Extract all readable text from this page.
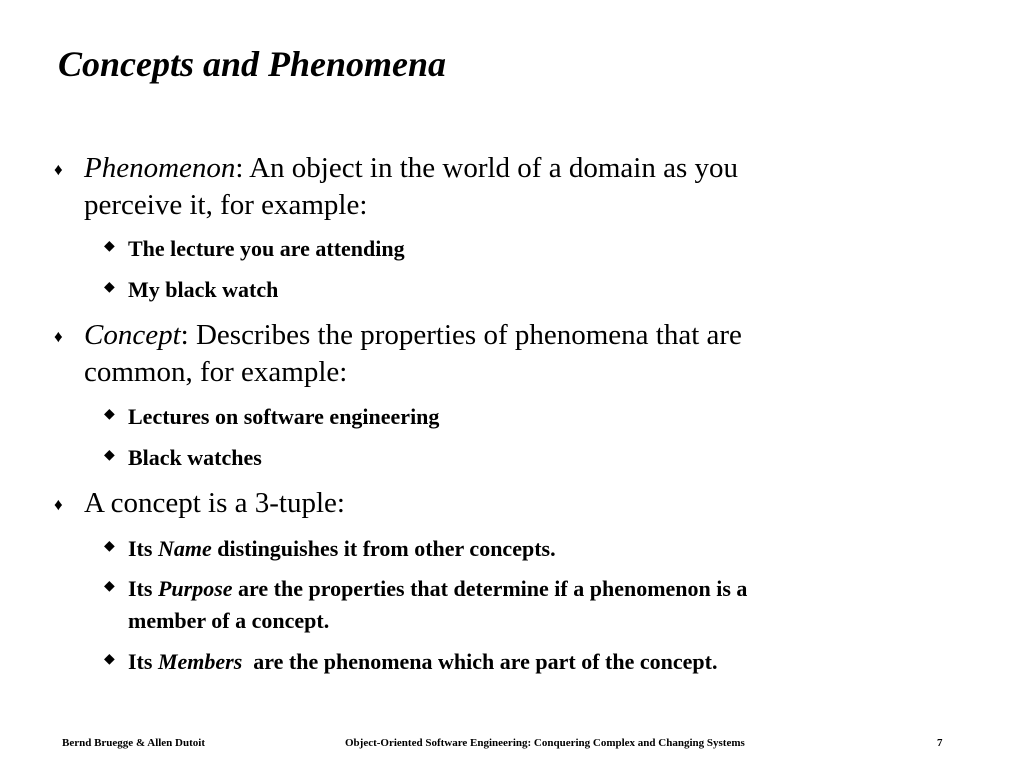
Concepts and Phenomena
♦ Phenomenon: An object in the world of a domain as you
perceive it, for example:
◆ The lecture you are attending
◆ My black watch
♦ Concept: Describes the properties of phenomena that are
common, for example:
◆ Lectures on software engineering
◆ Black watches
♦ A concept is a 3-tuple:
◆ Its Name distinguishes it from other concepts.
◆ Its Purpose are the properties that determine if a phenomenon is a
member of a concept.
◆ Its Members  are the phenomena which are part of the concept.
Bernd Bruegge & Allen Dutoit	Object-Oriented Software Engineering: Conquering Complex and Changing Systems	7
